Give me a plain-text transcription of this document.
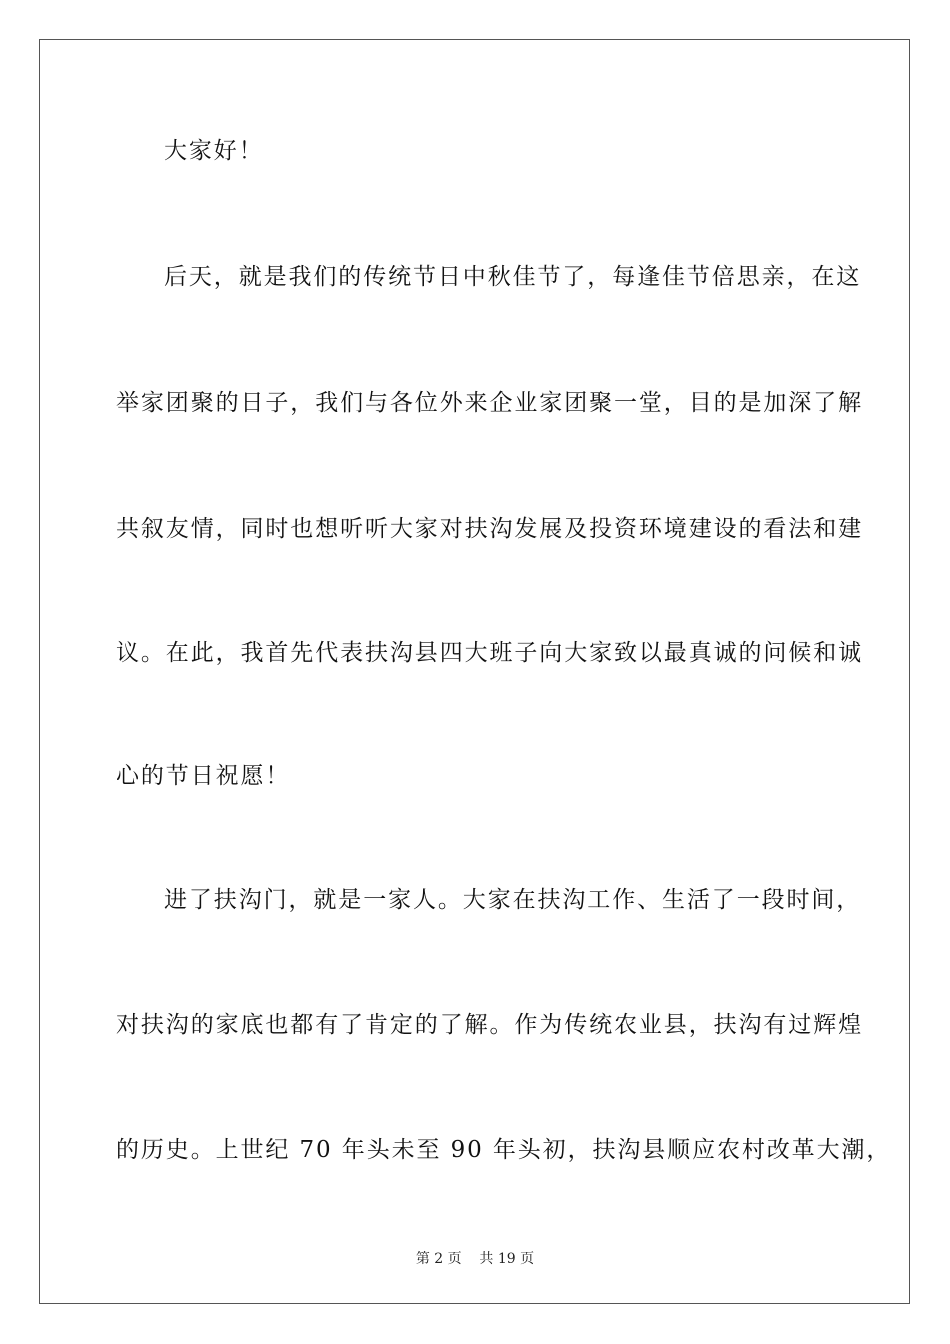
大家好！
后天，就是我们的传统节日中秋佳节了，每逢佳节倍思亲，在这
举家团聚的日子，我们与各位外来企业家团聚一堂，目的是加深了解
共叙友情，同时也想听听大家对扶沟发展及投资环境建设的看法和建
议。在此，我首先代表扶沟县四大班子向大家致以最真诚的问候和诚
心的节日祝愿！
进了扶沟门，就是一家人。大家在扶沟工作、生活了一段时间，
对扶沟的家底也都有了肯定的了解。作为传统农业县，扶沟有过辉煌
的历史。上世纪 70 年头未至 90 年头初，扶沟县顺应农村改革大潮，
第 2 页    共 19 页
